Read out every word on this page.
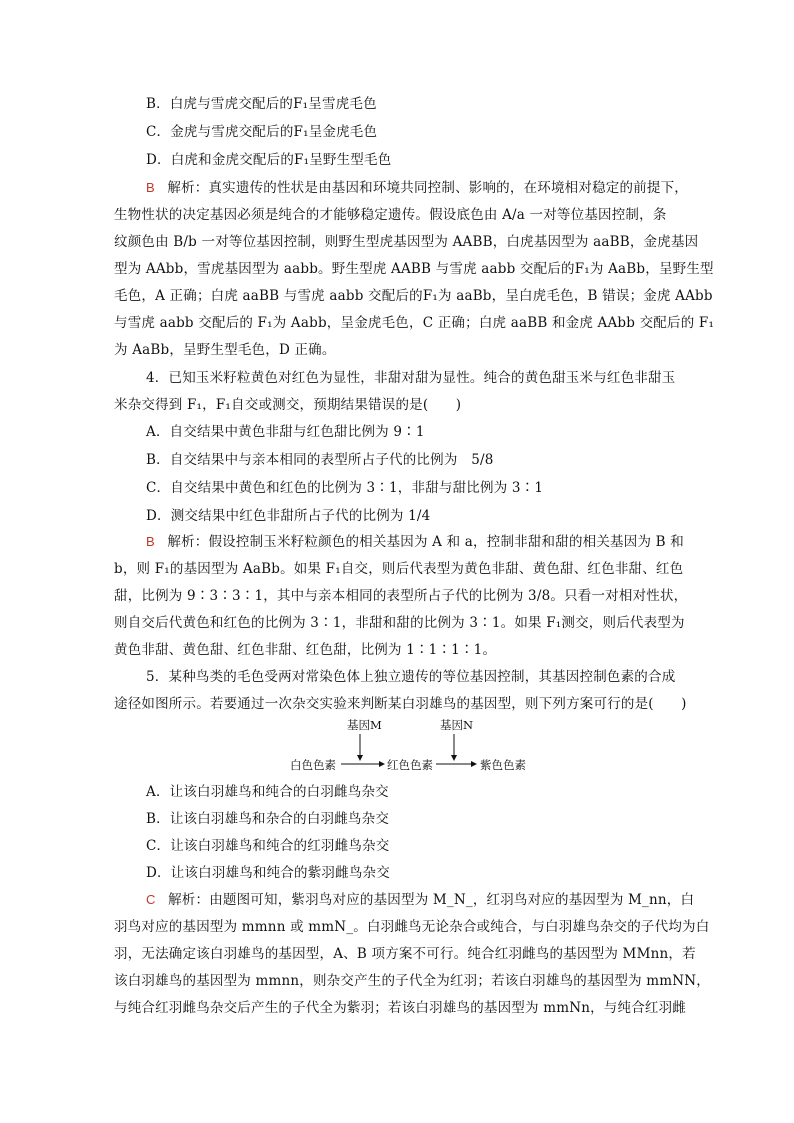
B．白虎与雪虎交配后的F₁呈雪虎毛色
C．金虎与雪虎交配后的F₁呈金虎毛色
D．白虎和金虎交配后的F₁呈野生型毛色
B 解析：真实遗传的性状是由基因和环境共同控制、影响的，在环境相对稳定的前提下，
生物性状的决定基因必须是纯合的才能够稳定遗传。假设底色由 A/a 一对等位基因控制，条
纹颜色由 B/b 一对等位基因控制，则野生型虎基因型为 AABB，白虎基因型为 aaBB，金虎基因
型为 AAbb，雪虎基因型为 aabb。野生型虎 AABB 与雪虎 aabb 交配后的F₁为 AaBb，呈野生型
毛色，A 正确；白虎 aaBB 与雪虎 aabb 交配后的F₁为 aaBb，呈白虎毛色，B 错误；金虎 AAbb
与雪虎 aabb 交配后的 F₁为 Aabb，呈金虎毛色，C 正确；白虎 aaBB 和金虎 AAbb 交配后的 F₁
为 AaBb，呈野生型毛色，D 正确。
4．已知玉米籽粒黄色对红色为显性，非甜对甜为显性。纯合的黄色甜玉米与红色非甜玉
米杂交得到 F₁，F₁自交或测交，预期结果错误的是(　　)
A．自交结果中黄色非甜与红色甜比例为 9∶1
B．自交结果中与亲本相同的表型所占子代的比例为　5/8
C．自交结果中黄色和红色的比例为 3∶1，非甜与甜比例为 3∶1
D．测交结果中红色非甜所占子代的比例为 1/4
B 解析：假设控制玉米籽粒颜色的相关基因为 A 和 a，控制非甜和甜的相关基因为 B 和
b，则 F₁的基因型为 AaBb。如果 F₁自交，则后代表型为黄色非甜、黄色甜、红色非甜、红色
甜，比例为 9∶3∶3∶1，其中与亲本相同的表型所占子代的比例为 3/8。只看一对相对性状，
则自交后代黄色和红色的比例为 3∶1，非甜和甜的比例为 3∶1。如果 F₁测交，则后代表型为
黄色非甜、黄色甜、红色非甜、红色甜，比例为 1∶1∶1∶1。
5．某种鸟类的毛色受两对常染色体上独立遗传的等位基因控制，其基因控制色素的合成
途径如图所示。若要通过一次杂交实验来判断某白羽雄鸟的基因型，则下列方案可行的是(　　)
基因M	基因N
白色色素	红色色素	紫色色素
A．让该白羽雄鸟和纯合的白羽雌鸟杂交
B．让该白羽雄鸟和杂合的白羽雌鸟杂交
C．让该白羽雄鸟和纯合的红羽雌鸟杂交
D．让该白羽雄鸟和纯合的紫羽雌鸟杂交
C 解析：由题图可知，紫羽鸟对应的基因型为 M_N_，红羽鸟对应的基因型为 M_nn，白
羽鸟对应的基因型为 mmnn 或 mmN_。白羽雌鸟无论杂合或纯合，与白羽雄鸟杂交的子代均为白
羽，无法确定该白羽雄鸟的基因型，A、B 项方案不可行。纯合红羽雌鸟的基因型为 MMnn，若
该白羽雄鸟的基因型为 mmnn，则杂交产生的子代全为红羽；若该白羽雄鸟的基因型为 mmNN，
与纯合红羽雌鸟杂交后产生的子代全为紫羽；若该白羽雄鸟的基因型为 mmNn，与纯合红羽雌
